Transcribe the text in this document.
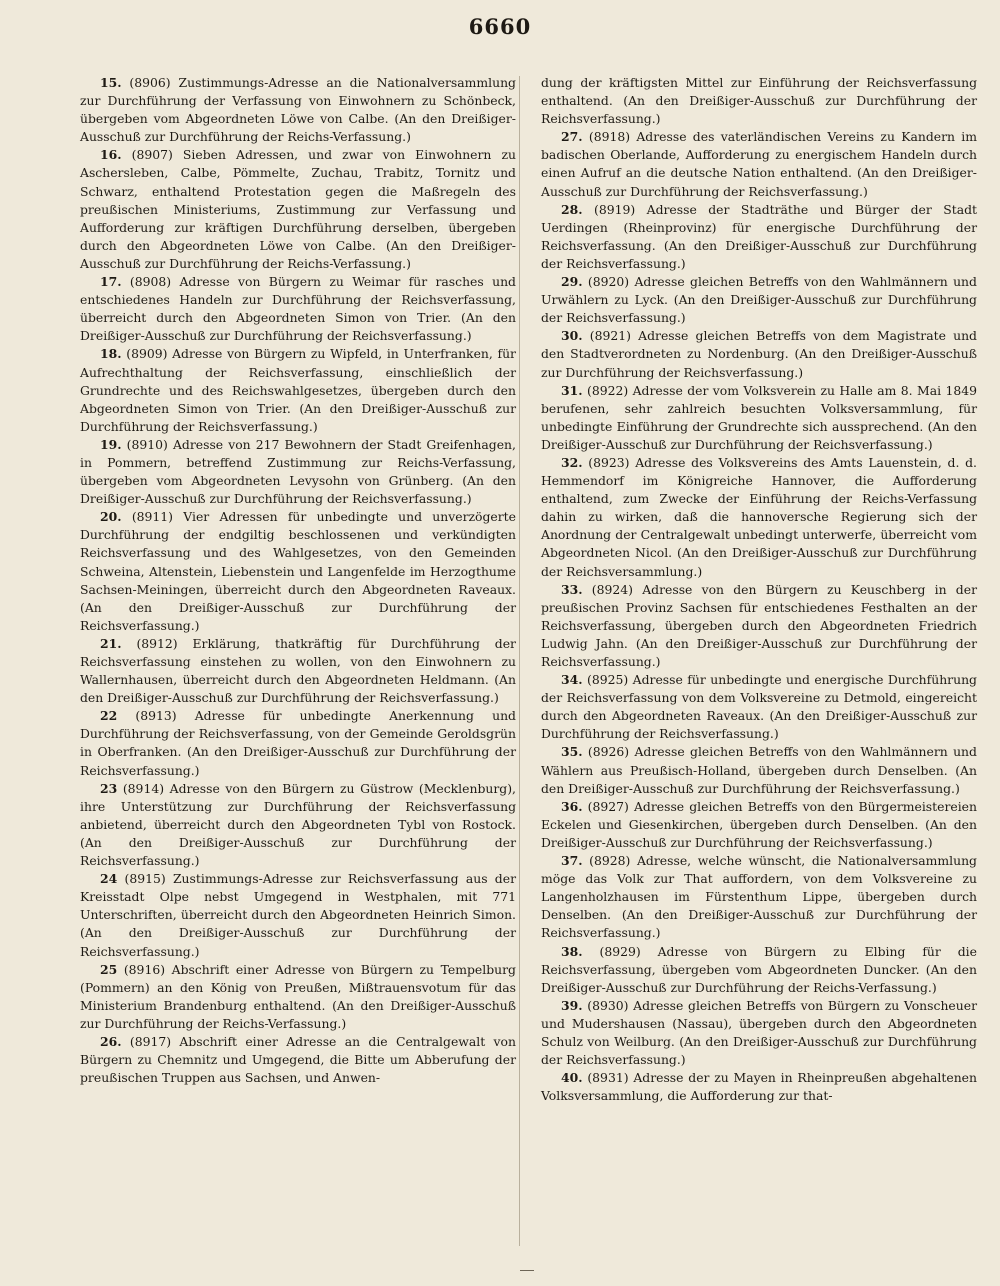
6660

15. (8906) Zustimmungs-Adresse an die Nationalversammlung zur Durchführung der Verfassung von Einwohnern zu Schönbeck, übergeben vom Abgeordneten Löwe von Calbe. (An den Dreißiger-Ausschuß zur Durchführung der Reichs-Verfassung.)

16. (8907) Sieben Adressen, und zwar von Einwohnern zu Aschersleben, Calbe, Pömmelte, Zuchau, Trabitz, Tornitz und Schwarz, enthaltend Protestation gegen die Maßregeln des preußischen Ministeriums, Zustimmung zur Verfassung und Aufforderung zur kräftigen Durchführung derselben, übergeben durch den Abgeordneten Löwe von Calbe. (An den Dreißiger-Ausschuß zur Durchführung der Reichs-Verfassung.)

17. (8908) Adresse von Bürgern zu Weimar für rasches und entschiedenes Handeln zur Durchführung der Reichsverfassung, überreicht durch den Abgeordneten Simon von Trier. (An den Dreißiger-Ausschuß zur Durchführung der Reichsverfassung.)

18. (8909) Adresse von Bürgern zu Wipfeld, in Unterfranken, für Aufrechthaltung der Reichsverfassung, einschließlich der Grundrechte und des Reichswahlgesetzes, übergeben durch den Abgeordneten Simon von Trier. (An den Dreißiger-Ausschuß zur Durchführung der Reichsverfassung.)

19. (8910) Adresse von 217 Bewohnern der Stadt Greifenhagen, in Pommern, betreffend Zustimmung zur Reichs-Verfassung, übergeben vom Abgeordneten Levysohn von Grünberg. (An den Dreißiger-Ausschuß zur Durchführung der Reichsverfassung.)

20. (8911) Vier Adressen für unbedingte und unverzögerte Durchführung der endgiltig beschlossenen und verkündigten Reichsverfassung und des Wahlgesetzes, von den Gemeinden Schweina, Altenstein, Liebenstein und Langenfelde im Herzogthume Sachsen-Meiningen, überreicht durch den Abgeordneten Raveaux. (An den Dreißiger-Ausschuß zur Durchführung der Reichsverfassung.)

21. (8912) Erklärung, thatkräftig für Durchführung der Reichsverfassung einstehen zu wollen, von den Einwohnern zu Wallernhausen, überreicht durch den Abgeordneten Heldmann. (An den Dreißiger-Ausschuß zur Durchführung der Reichsverfassung.)

22 (8913) Adresse für unbedingte Anerkennung und Durchführung der Reichsverfassung, von der Gemeinde Geroldsgrün in Oberfranken. (An den Dreißiger-Ausschuß zur Durchführung der Reichsverfassung.)

23 (8914) Adresse von den Bürgern zu Güstrow (Mecklenburg), ihre Unterstützung zur Durchführung der Reichsverfassung anbietend, überreicht durch den Abgeordneten Tybl von Rostock. (An den Dreißiger-Ausschuß zur Durchführung der Reichsverfassung.)

24 (8915) Zustimmungs-Adresse zur Reichsverfassung aus der Kreisstadt Olpe nebst Umgegend in Westphalen, mit 771 Unterschriften, überreicht durch den Abgeordneten Heinrich Simon. (An den Dreißiger-Ausschuß zur Durchführung der Reichsverfassung.)

25 (8916) Abschrift einer Adresse von Bürgern zu Tempelburg (Pommern) an den König von Preußen, Mißtrauensvotum für das Ministerium Brandenburg enthaltend. (An den Dreißiger-Ausschuß zur Durchführung der Reichs-Verfassung.)

26. (8917) Abschrift einer Adresse an die Centralgewalt von Bürgern zu Chemnitz und Umgegend, die Bitte um Abberufung der preußischen Truppen aus Sachsen, und Anwen-

dung der kräftigsten Mittel zur Einführung der Reichsverfassung enthaltend. (An den Dreißiger-Ausschuß zur Durchführung der Reichsverfassung.)

27. (8918) Adresse des vaterländischen Vereins zu Kandern im badischen Oberlande, Aufforderung zu energischem Handeln durch einen Aufruf an die deutsche Nation enthaltend. (An den Dreißiger-Ausschuß zur Durchführung der Reichsverfassung.)

28. (8919) Adresse der Stadträthe und Bürger der Stadt Uerdingen (Rheinprovinz) für energische Durchführung der Reichsverfassung. (An den Dreißiger-Ausschuß zur Durchführung der Reichsverfassung.)

29. (8920) Adresse gleichen Betreffs von den Wahlmännern und Urwählern zu Lyck. (An den Dreißiger-Ausschuß zur Durchführung der Reichsverfassung.)

30. (8921) Adresse gleichen Betreffs von dem Magistrate und den Stadtverordneten zu Nordenburg. (An den Dreißiger-Ausschuß zur Durchführung der Reichsverfassung.)

31. (8922) Adresse der vom Volksverein zu Halle am 8. Mai 1849 berufenen, sehr zahlreich besuchten Volksversammlung, für unbedingte Einführung der Grundrechte sich aussprechend. (An den Dreißiger-Ausschuß zur Durchführung der Reichsverfassung.)

32. (8923) Adresse des Volksvereins des Amts Lauenstein, d. d. Hemmendorf im Königreiche Hannover, die Aufforderung enthaltend, zum Zwecke der Einführung der Reichs-Verfassung dahin zu wirken, daß die hannoversche Regierung sich der Anordnung der Centralgewalt unbedingt unterwerfe, überreicht vom Abgeordneten Nicol. (An den Dreißiger-Ausschuß zur Durchführung der Reichsversammlung.)

33. (8924) Adresse von den Bürgern zu Keuschberg in der preußischen Provinz Sachsen für entschiedenes Festhalten an der Reichsverfassung, übergeben durch den Abgeordneten Friedrich Ludwig Jahn. (An den Dreißiger-Ausschuß zur Durchführung der Reichsverfassung.)

34. (8925) Adresse für unbedingte und energische Durchführung der Reichsverfassung von dem Volksvereine zu Detmold, eingereicht durch den Abgeordneten Raveaux. (An den Dreißiger-Ausschuß zur Durchführung der Reichsverfassung.)

35. (8926) Adresse gleichen Betreffs von den Wahlmännern und Wählern aus Preußisch-Holland, übergeben durch Denselben. (An den Dreißiger-Ausschuß zur Durchführung der Reichsverfassung.)

36. (8927) Adresse gleichen Betreffs von den Bürgermeistereien Eckelen und Giesenkirchen, übergeben durch Denselben. (An den Dreißiger-Ausschuß zur Durchführung der Reichsverfassung.)

37. (8928) Adresse, welche wünscht, die Nationalversammlung möge das Volk zur That auffordern, von dem Volksvereine zu Langenholzhausen im Fürstenthum Lippe, übergeben durch Denselben. (An den Dreißiger-Ausschuß zur Durchführung der Reichsverfassung.)

38. (8929) Adresse von Bürgern zu Elbing für die Reichsverfassung, übergeben vom Abgeordneten Duncker. (An den Dreißiger-Ausschuß zur Durchführung der Reichs-Verfassung.)

39. (8930) Adresse gleichen Betreffs von Bürgern zu Vonscheuer und Mudershausen (Nassau), übergeben durch den Abgeordneten Schulz von Weilburg. (An den Dreißiger-Ausschuß zur Durchführung der Reichsverfassung.)

40. (8931) Adresse der zu Mayen in Rheinpreußen abgehaltenen Volksversammlung, die Aufforderung zur that-
